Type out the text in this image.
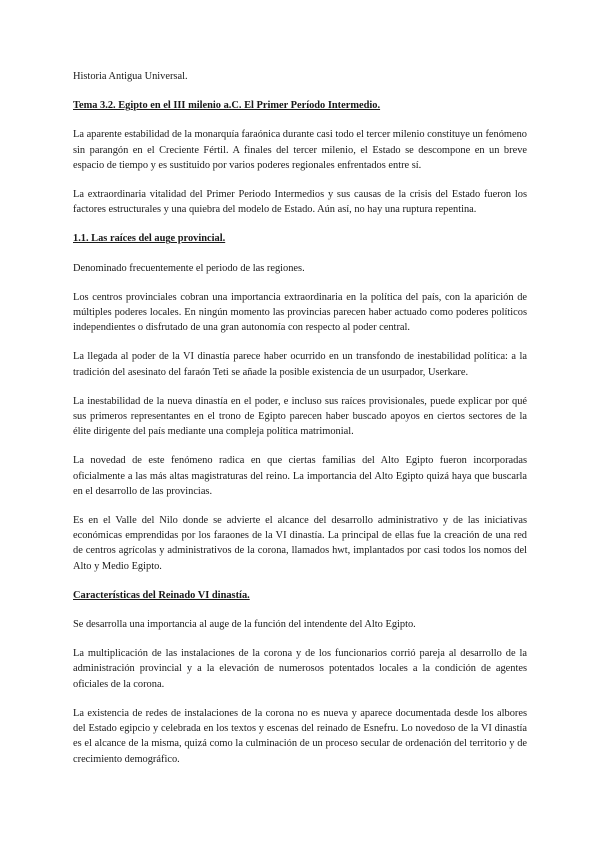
Historia Antigua Universal.

Tema 3.2. Egipto en el III milenio a.C. El Primer Período Intermedio.

La aparente estabilidad de la monarquía faraónica durante casi todo el tercer milenio constituye un fenómeno sin parangón en el Creciente Fértil. A finales del tercer milenio, el Estado se descompone en un breve espacio de tiempo y es sustituido por varios poderes regionales enfrentados entre sí.

La extraordinaria vitalidad del Primer Periodo Intermedios y sus causas de la crisis del Estado fueron los factores estructurales y una quiebra del modelo de Estado. Aún así, no hay una ruptura repentina.

1.1. Las raíces del auge provincial.

Denominado frecuentemente el periodo de las regiones.

Los centros provinciales cobran una importancia extraordinaria en la política del país, con la aparición de múltiples poderes locales. En ningún momento las provincias parecen haber actuado como poderes políticos independientes o disfrutado de una gran autonomía con respecto al poder central.

La llegada al poder de la VI dinastía parece haber ocurrido en un transfondo de inestabilidad política: a la tradición del asesinato del faraón Teti se añade la posible existencia de un usurpador, Userkare.

La inestabilidad de la nueva dinastía en el poder, e incluso sus raíces provisionales, puede explicar por qué sus primeros representantes en el trono de Egipto parecen haber buscado apoyos en ciertos sectores de la élite dirigente del país mediante una compleja política matrimonial.

La novedad de este fenómeno radica en que ciertas familias del Alto Egipto fueron incorporadas oficialmente a las más altas magistraturas del reino. La importancia del Alto Egipto quizá haya que buscarla en el desarrollo de las provincias.

Es en el Valle del Nilo donde se advierte el alcance del desarrollo administrativo y de las iniciativas económicas emprendidas por los faraones de la VI dinastía. La principal de ellas fue la creación de una red de centros agrícolas y administrativos de la corona, llamados hwt, implantados por casi todos los nomos del Alto y Medio Egipto.

Características del Reinado VI dinastía.

Se desarrolla una importancia al auge de la función del intendente del Alto Egipto.

La multiplicación de las instalaciones de la corona y de los funcionarios corrió pareja al desarrollo de la administración provincial y a la elevación de numerosos potentados locales a la condición de agentes oficiales de la corona.

La existencia de redes de instalaciones de la corona no es nueva y aparece documentada desde los albores del Estado egipcio y celebrada en los textos y escenas del reinado de Esnefru. Lo novedoso de la VI dinastía es el alcance de la misma, quizá como la culminación de un proceso secular de ordenación del territorio y de crecimiento demográfico.
